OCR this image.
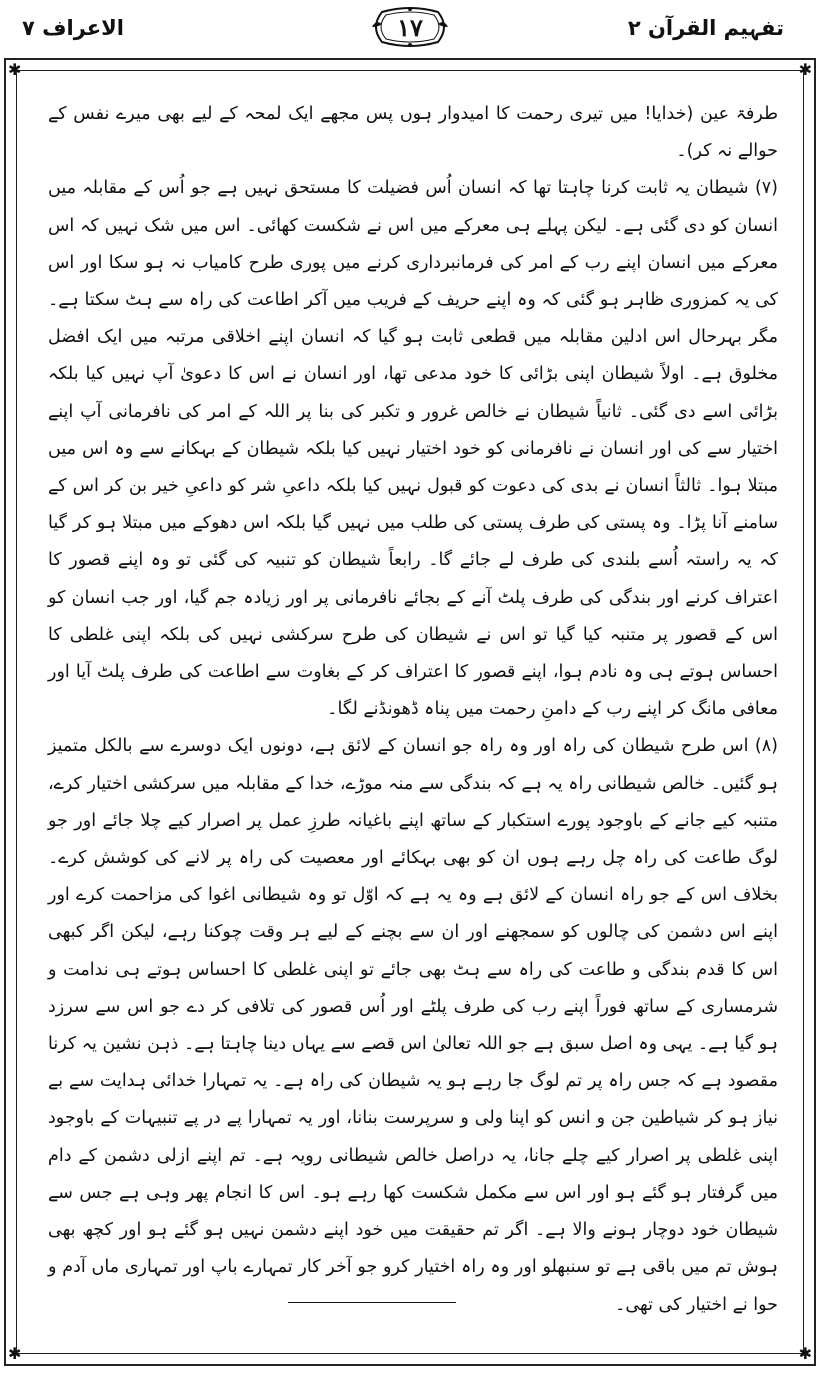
تفہیم القرآن ۲
۱۷
الاعراف ۷
✱	✱
✱	✱

طرفۃ عین (خدایا! میں تیری رحمت کا امیدوار ہوں پس مجھے ایک لمحہ کے لیے بھی میرے نفس کے حوالے نہ کر)۔

(۷) شیطان یہ ثابت کرنا چاہتا تھا کہ انسان اُس فضیلت کا مستحق نہیں ہے جو اُس کے مقابلہ میں انسان کو دی گئی ہے۔ لیکن پہلے ہی معرکے میں اس نے شکست کھائی۔ اس میں شک نہیں کہ اس معرکے میں انسان اپنے رب کے امر کی فرمانبرداری کرنے میں پوری طرح کامیاب نہ ہو سکا اور اس کی یہ کمزوری ظاہر ہو گئی کہ وہ اپنے حریف کے فریب میں آکر اطاعت کی راہ سے ہٹ سکتا ہے۔ مگر بہرحال اس ادلین مقابلہ میں قطعی ثابت ہو گیا کہ انسان اپنے اخلاقی مرتبہ میں ایک افضل مخلوق ہے۔ اولاً شیطان اپنی بڑائی کا خود مدعی تھا، اور انسان نے اس کا دعویٰ آپ نہیں کیا بلکہ بڑائی اسے دی گئی۔ ثانیاً شیطان نے خالص غرور و تکبر کی بنا پر اللہ کے امر کی نافرمانی آپ اپنے اختیار سے کی اور انسان نے نافرمانی کو خود اختیار نہیں کیا بلکہ شیطان کے بہکانے سے وہ اس میں مبتلا ہوا۔ ثالثاً انسان نے بدی کی دعوت کو قبول نہیں کیا بلکہ داعیِ شر کو داعیِ خیر بن کر اس کے سامنے آنا پڑا۔ وہ پستی کی طرف پستی کی طلب میں نہیں گیا بلکہ اس دھوکے میں مبتلا ہو کر گیا کہ یہ راستہ اُسے بلندی کی طرف لے جائے گا۔ رابعاً شیطان کو تنبیہ کی گئی تو وہ اپنے قصور کا اعتراف کرنے اور بندگی کی طرف پلٹ آنے کے بجائے نافرمانی پر اور زیادہ جم گیا، اور جب انسان کو اس کے قصور پر متنبہ کیا گیا تو اس نے شیطان کی طرح سرکشی نہیں کی بلکہ اپنی غلطی کا احساس ہوتے ہی وہ نادم ہوا، اپنے قصور کا اعتراف کر کے بغاوت سے اطاعت کی طرف پلٹ آیا اور معافی مانگ کر اپنے رب کے دامنِ رحمت میں پناہ ڈھونڈنے لگا۔

(۸) اس طرح شیطان کی راہ اور وہ راہ جو انسان کے لائق ہے، دونوں ایک دوسرے سے بالکل متمیز ہو گئیں۔ خالص شیطانی راہ یہ ہے کہ بندگی سے منہ موڑے، خدا کے مقابلہ میں سرکشی اختیار کرے، متنبہ کیے جانے کے باوجود پورے استکبار کے ساتھ اپنے باغیانہ طرزِ عمل پر اصرار کیے چلا جائے اور جو لوگ طاعت کی راہ چل رہے ہوں ان کو بھی بہکائے اور معصیت کی راہ پر لانے کی کوشش کرے۔ بخلاف اس کے جو راہ انسان کے لائق ہے وہ یہ ہے کہ اوّل تو وہ شیطانی اغوا کی مزاحمت کرے اور اپنے اس دشمن کی چالوں کو سمجھنے اور ان سے بچنے کے لیے ہر وقت چوکنا رہے، لیکن اگر کبھی اس کا قدم بندگی و طاعت کی راہ سے ہٹ بھی جائے تو اپنی غلطی کا احساس ہوتے ہی ندامت و شرمساری کے ساتھ فوراً اپنے رب کی طرف پلٹے اور اُس قصور کی تلافی کر دے جو اس سے سرزد ہو گیا ہے۔ یہی وہ اصل سبق ہے جو اللہ تعالیٰ اس قصے سے یہاں دینا چاہتا ہے۔ ذہن نشین یہ کرنا مقصود ہے کہ جس راہ پر تم لوگ جا رہے ہو یہ شیطان کی راہ ہے۔ یہ تمہارا خدائی ہدایت سے بے نیاز ہو کر شیاطین جن و انس کو اپنا ولی و سرپرست بنانا، اور یہ تمہارا پے در پے تنبیہات کے باوجود اپنی غلطی پر اصرار کیے چلے جانا، یہ دراصل خالص شیطانی رویہ ہے۔ تم اپنے ازلی دشمن کے دام میں گرفتار ہو گئے ہو اور اس سے مکمل شکست کھا رہے ہو۔ اس کا انجام پھر وہی ہے جس سے شیطان خود دوچار ہونے والا ہے۔ اگر تم حقیقت میں خود اپنے دشمن نہیں ہو گئے ہو اور کچھ بھی ہوش تم میں باقی ہے تو سنبھلو اور وہ راہ اختیار کرو جو آخر کار تمہارے باپ اور تمہاری ماں آدم و حوا نے اختیار کی تھی۔
